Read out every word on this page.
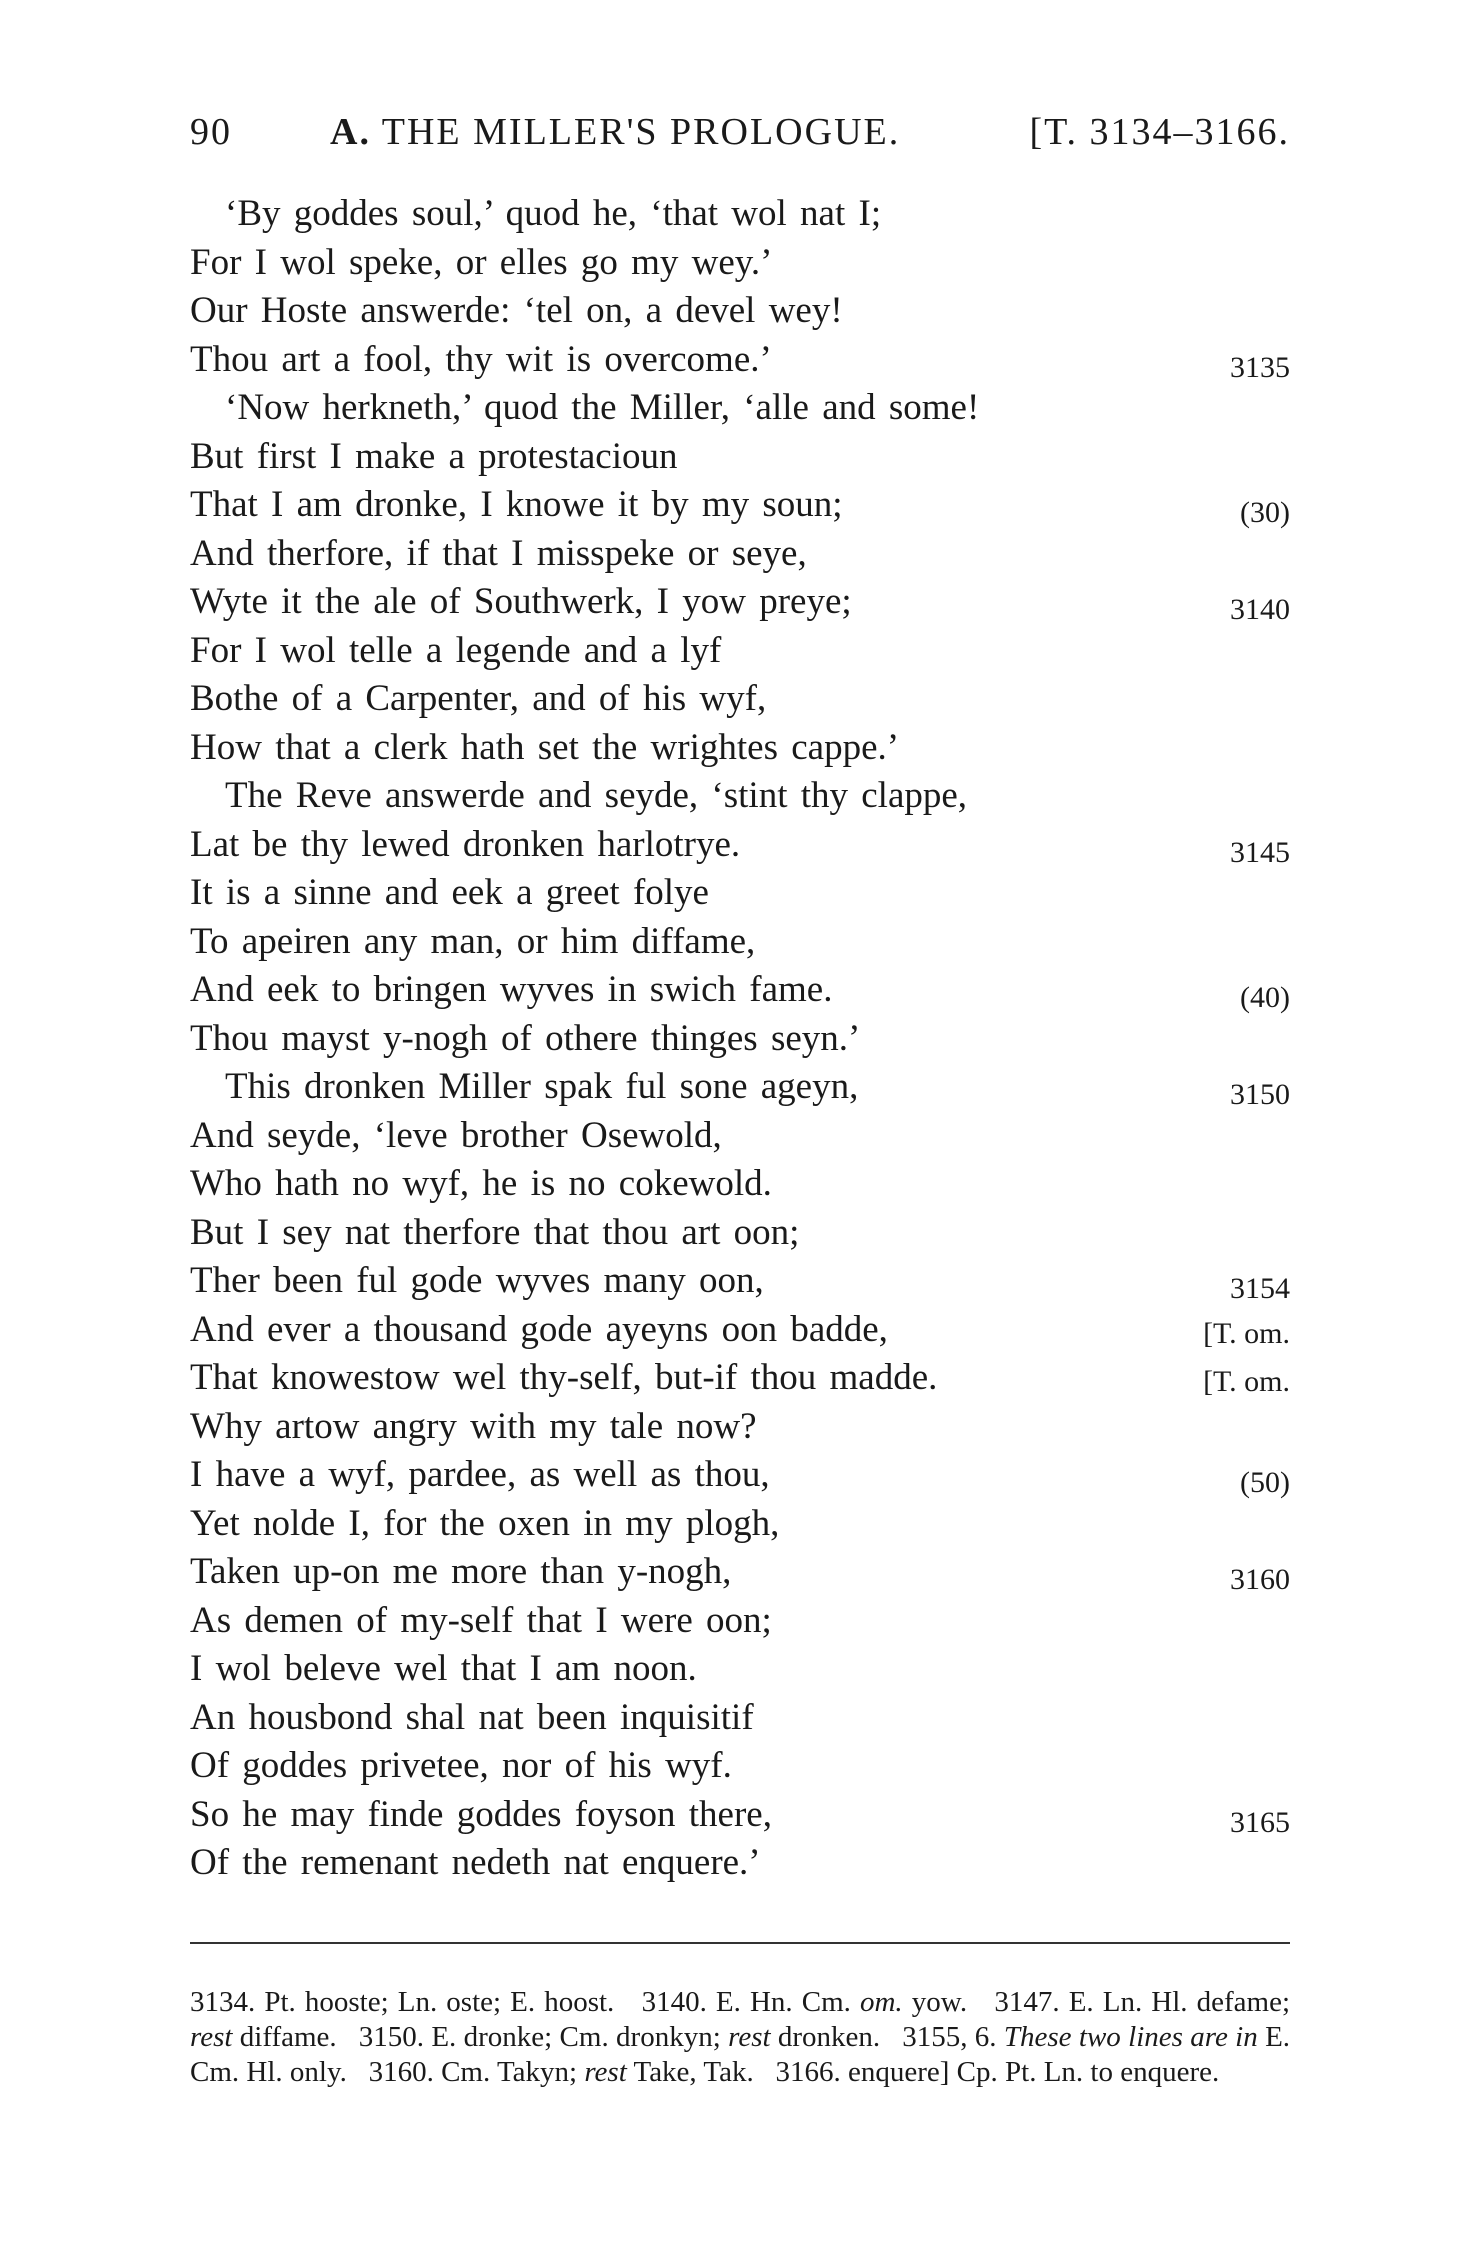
90	A. THE MILLER'S PROLOGUE.	[T. 3134–3166.
‘By goddes soul,’ quod he, ‘that wol nat I;
For I wol speke, or elles go my wey.’
Our Hoste answerde: ‘tel on, a devel wey!
Thou art a fool, thy wit is overcome.’	3135
‘Now herkneth,’ quod the Miller, ‘alle and some!
But first I make a protestacioun
That I am dronke, I knowe it by my soun;	(30)
And therfore, if that I misspeke or seye,
Wyte it the ale of Southwerk, I yow preye;	3140
For I wol telle a legende and a lyf
Bothe of a Carpenter, and of his wyf,
How that a clerk hath set the wrightes cappe.’
The Reve answerde and seyde, ‘stint thy clappe,
Lat be thy lewed dronken harlotrye.	3145
It is a sinne and eek a greet folye
To apeiren any man, or him diffame,
And eek to bringen wyves in swich fame.	(40)
Thou mayst y-nogh of othere thinges seyn.’
This dronken Miller spak ful sone ageyn,	3150
And seyde, ‘leve brother Osewold,
Who hath no wyf, he is no cokewold.
But I sey nat therfore that thou art oon;
Ther been ful gode wyves many oon,	3154
And ever a thousand gode ayeyns oon badde,	[T. om.
That knowestow wel thy-self, but-if thou madde.	[T. om.
Why artow angry with my tale now?
I have a wyf, pardee, as well as thou,	(50)
Yet nolde I, for the oxen in my plogh,
Taken up-on me more than y-nogh,	3160
As demen of my-self that I were oon;
I wol beleve wel that I am noon.
An housbond shal nat been inquisitif
Of goddes privetee, nor of his wyf.
So he may finde goddes foyson there,	3165
Of the remenant nedeth nat enquere.’
3134. Pt. hooste; Ln. oste; E. hoost. 3140. E. Hn. Cm. om. yow. 3147. E. Ln. Hl. defame; rest diffame. 3150. E. dronke; Cm. dronkyn; rest dronken. 3155, 6. These two lines are in E. Cm. Hl. only. 3160. Cm. Takyn; rest Take, Tak. 3166. enquere] Cp. Pt. Ln. to enquere.
